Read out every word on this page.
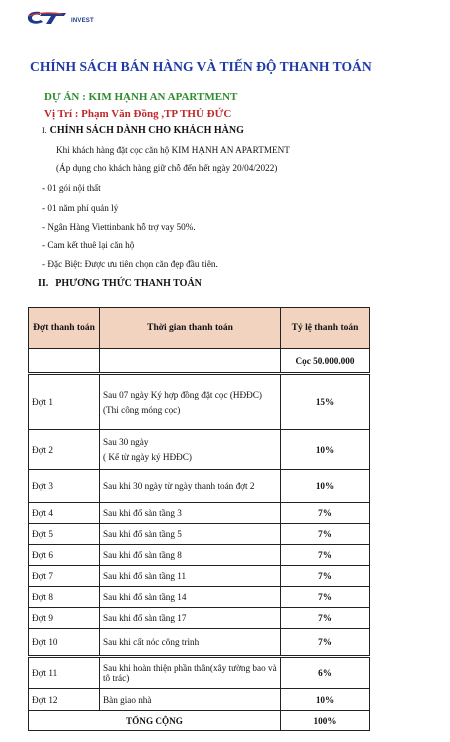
INVEST
CHÍNH SÁCH BÁN HÀNG VÀ TIẾN ĐỘ THANH TOÁN

DỰ ÁN : KIM HẠNH AN APARTMENT

Vị Trí : Phạm Văn Đồng ,TP THỦ ĐỨC

I. CHÍNH SÁCH DÀNH CHO KHÁCH HÀNG

Khi khách hàng đặt cọc căn hộ KIM HẠNH AN APARTMENT

(Áp dụng cho khách hàng giữ chỗ đến hết ngày 20/04/2022)

- 01 gói nội thất

- 01 năm phí quản lý

- Ngân Hàng Viettinbank hỗ trợ vay 50%.

- Cam kết thuê lại căn hộ

- Đặc Biệt: Được ưu tiên chọn căn đẹp đầu tiên.

II. PHƯƠNG THỨC THANH TOÁN

Đợt thanh toán	Thời gian thanh toán	Tỷ lệ thanh toán
		Cọc 50.000.000
Đợt 1	Sau 07 ngày Ký hợp đồng đặt cọc (HĐĐC)
(Thi công móng cọc)	15%
Đợt 2	Sau 30 ngày
( Kể từ ngày ký HĐĐC)	10%
Đợt 3	Sau khi 30 ngày từ ngày thanh toán đợt 2	10%
Đợt 4	Sau khi đổ sàn tầng 3	7%
Đợt 5	Sau khi đổ sàn tầng 5	7%
Đợt 6	Sau khi đổ sàn tầng 8	7%
Đợt 7	Sau khi đổ sàn tầng 11	7%
Đợt 8	Sau khi đổ sàn tầng 14	7%
Đợt 9	Sau khi đổ sàn tầng 17	7%
Đợt 10	Sau khi cất nóc công trình	7%
Đợt 11	Sau khi hoàn thiện phần thân(xây tường bao và tô trác)	6%
Đợt 12	Bàn giao nhà	10%
TỔNG CỘNG		100%
